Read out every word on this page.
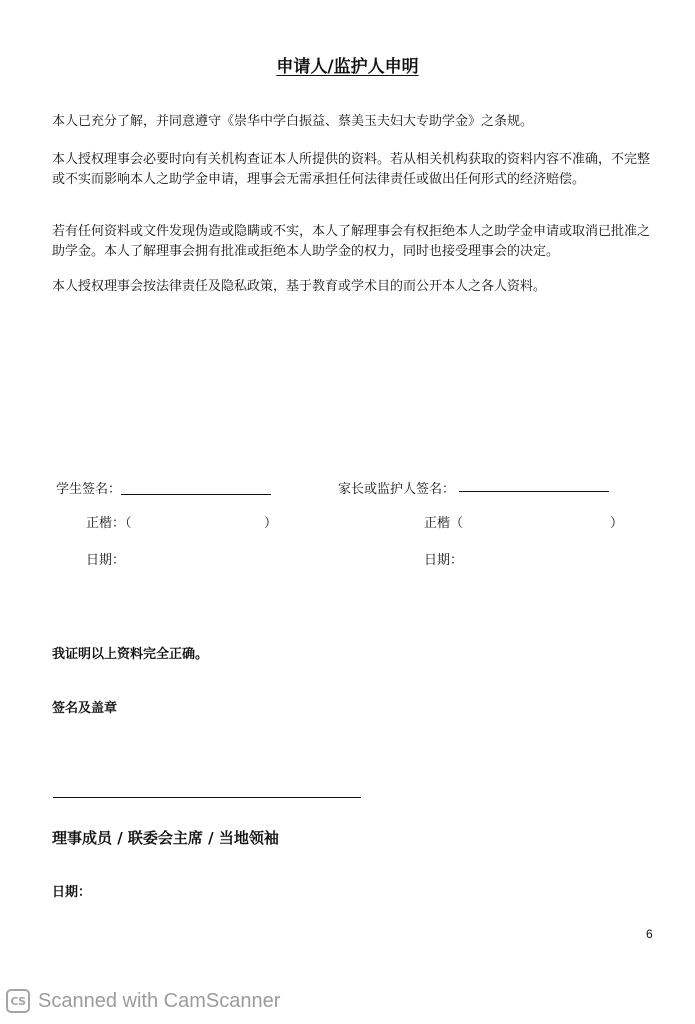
申请人/监护人申明

本人已充分了解，并同意遵守《崇华中学白振益、蔡美玉夫妇大专助学金》之条规。

本人授权理事会必要时向有关机构查证本人所提供的资料。若从相关机构获取的资料内容不准确，不完整或不实而影响本人之助学金申请，理事会无需承担任何法律责任或做出任何形式的经济赔偿。

若有任何资料或文件发现伪造或隐瞒或不实，本人了解理事会有权拒绝本人之助学金申请或取消已批准之助学金。本人了解理事会拥有批准或拒绝本人助学金的权力，同时也接受理事会的决定。

本人授权理事会按法律责任及隐私政策，基于教育或学术目的而公开本人之各人资料。

学生签名：
正楷：（	）
日期：
家长或监护人签名：
正楷（	）
日期：
我证明以上资料完全正确。
签名及盖章
理事成员 / 联委会主席 / 当地领袖
日期：
6
CS Scanned with CamScanner
